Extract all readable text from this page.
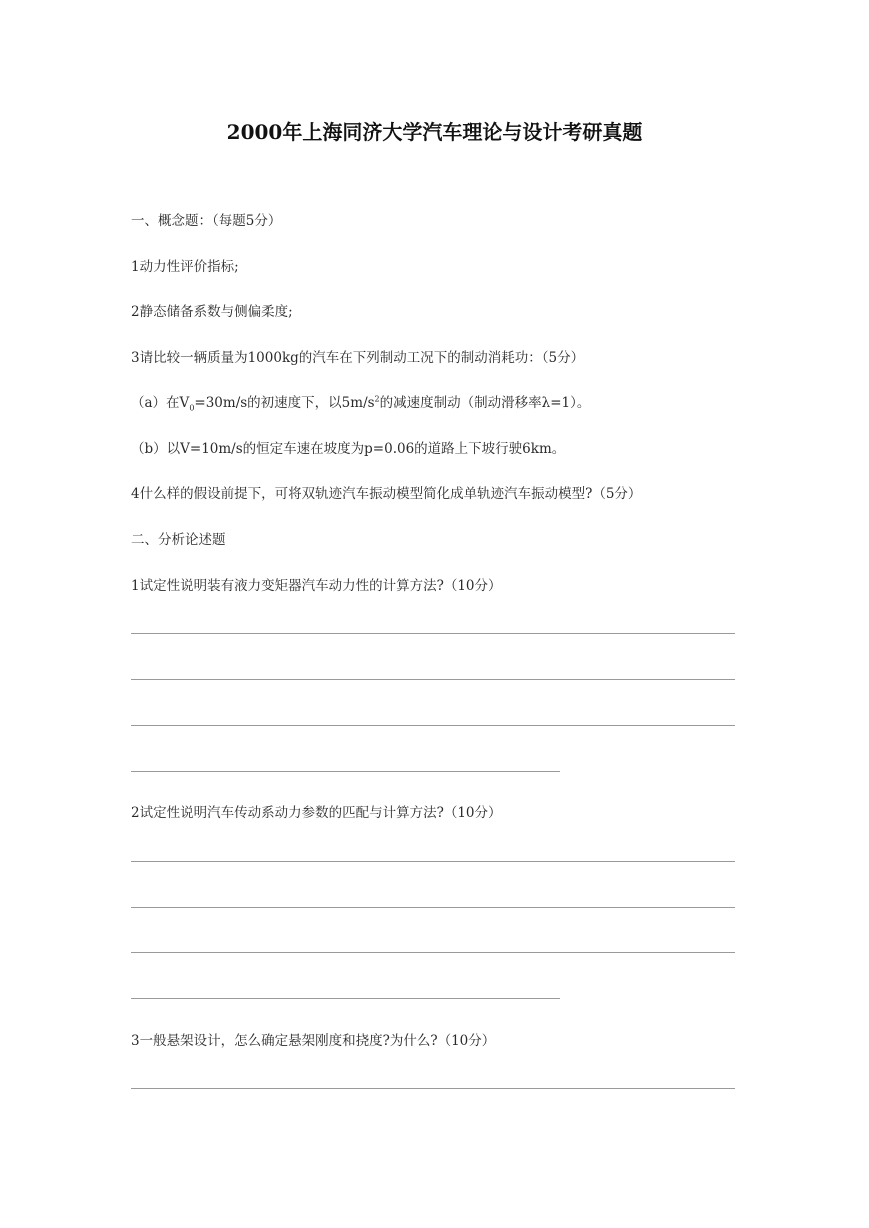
2000年上海同济大学汽车理论与设计考研真题
一、概念题：（每题5分）
1动力性评价指标;
2静态储备系数与侧偏柔度;
3请比较一辆质量为1000kg的汽车在下列制动工况下的制动消耗功：（5分）
（a）在$V_0=30m/s$的初速度下，以$5m/s^2$的减速度制动（制动滑移率λ=1）。
（b）以V=10m/s的恒定车速在坡度为p=0.06的道路上下坡行驶6km。
4什么样的假设前提下，可将双轨迹汽车振动模型简化成单轨迹汽车振动模型?（5分）
二、分析论述题
1试定性说明装有液力变矩器汽车动力性的计算方法?（10分）
2试定性说明汽车传动系动力参数的匹配与计算方法?（10分）
3一般悬架设计，怎么确定悬架刚度和挠度?为什么?（10分）
